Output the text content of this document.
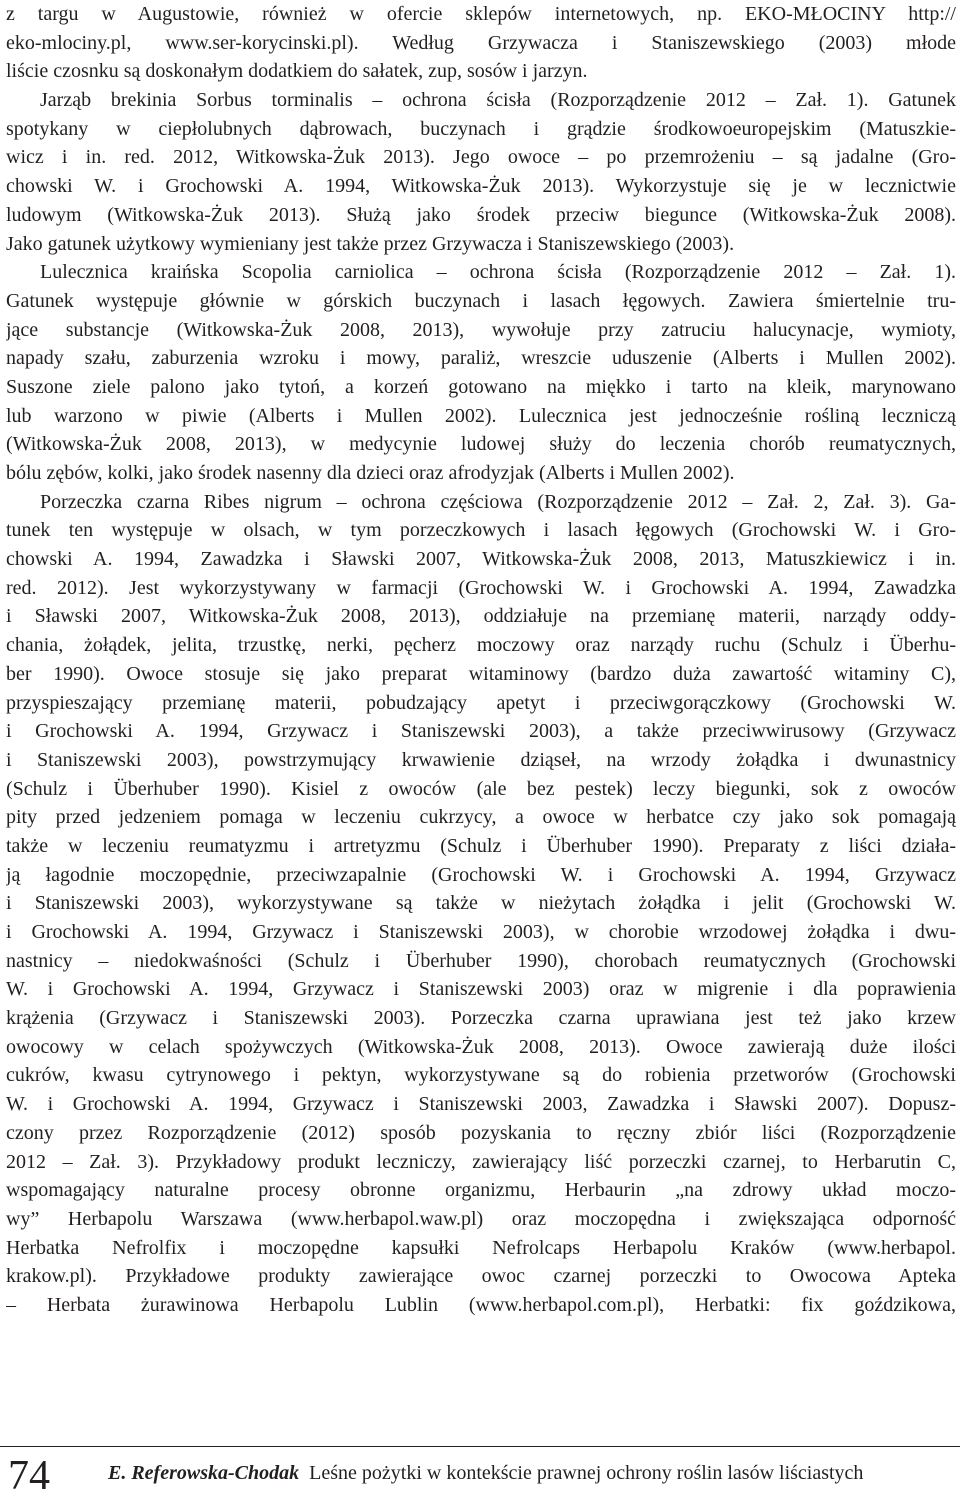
z targu w Augustowie, również w ofercie sklepów internetowych, np. EKO-MŁOCINY http://
eko-mlociny.pl, www.ser-korycinski.pl). Według Grzywacza i Staniszewskiego (2003) młode
liście czosnku są doskonałym dodatkiem do sałatek, zup, sosów i jarzyn.
Jarząb brekinia Sorbus torminalis – ochrona ścisła (Rozporządzenie 2012 – Zał. 1). Gatunek
spotykany w ciepłolubnych dąbrowach, buczynach i grądzie środkowoeuropejskim (Matuszkie-
wicz i in. red. 2012, Witkowska-Żuk 2013). Jego owoce – po przemrożeniu – są jadalne (Gro-
chowski W. i Grochowski A. 1994, Witkowska-Żuk 2013). Wykorzystuje się je w lecznictwie
ludowym (Witkowska-Żuk 2013). Służą jako środek przeciw biegunce (Witkowska-Żuk 2008).
Jako gatunek użytkowy wymieniany jest także przez Grzywacza i Staniszewskiego (2003).
Lulecznica kraińska Scopolia carniolica – ochrona ścisła (Rozporządzenie 2012 – Zał. 1).
Gatunek występuje głównie w górskich buczynach i lasach łęgowych. Zawiera śmiertelnie tru-
jące substancje (Witkowska-Żuk 2008, 2013), wywołuje przy zatruciu halucynacje, wymioty,
napady szału, zaburzenia wzroku i mowy, paraliż, wreszcie uduszenie (Alberts i Mullen 2002).
Suszone ziele palono jako tytoń, a korzeń gotowano na miękko i tarto na kleik, marynowano
lub warzono w piwie (Alberts i Mullen 2002). Lulecznica jest jednocześnie rośliną leczniczą
(Witkowska-Żuk 2008, 2013), w medycynie ludowej służy do leczenia chorób reumatycznych,
bólu zębów, kolki, jako środek nasenny dla dzieci oraz afrodyzjak (Alberts i Mullen 2002).
Porzeczka czarna Ribes nigrum – ochrona częściowa (Rozporządzenie 2012 – Zał. 2, Zał. 3). Ga-
tunek ten występuje w olsach, w tym porzeczkowych i lasach łęgowych (Grochowski W. i Gro-
chowski A. 1994, Zawadzka i Sławski 2007, Witkowska-Żuk 2008, 2013, Matuszkiewicz i in.
red. 2012). Jest wykorzystywany w farmacji (Grochowski W. i Grochowski A. 1994, Zawadzka
i Sławski 2007, Witkowska-Żuk 2008, 2013), oddziałuje na przemianę materii, narządy oddy-
chania, żołądek, jelita, trzustkę, nerki, pęcherz moczowy oraz narządy ruchu (Schulz i Überhu-
ber 1990). Owoce stosuje się jako preparat witaminowy (bardzo duża zawartość witaminy C),
przyspieszający przemianę materii, pobudzający apetyt i przeciwgorączkowy (Grochowski W.
i Grochowski A. 1994, Grzywacz i Staniszewski 2003), a także przeciwwirusowy (Grzywacz
i Staniszewski 2003), powstrzymujący krwawienie dziąseł, na wrzody żołądka i dwunastnicy
(Schulz i Überhuber 1990). Kisiel z owoców (ale bez pestek) leczy biegunki, sok z owoców
pity przed jedzeniem pomaga w leczeniu cukrzycy, a owoce w herbatce czy jako sok pomagają
także w leczeniu reumatyzmu i artretyzmu (Schulz i Überhuber 1990). Preparaty z liści działa-
ją łagodnie moczopędnie, przeciwzapalnie (Grochowski W. i Grochowski A. 1994, Grzywacz
i Staniszewski 2003), wykorzystywane są także w nieżytach żołądka i jelit (Grochowski W.
i Grochowski A. 1994, Grzywacz i Staniszewski 2003), w chorobie wrzodowej żołądka i dwu-
nastnicy – niedokwaśności (Schulz i Überhuber 1990), chorobach reumatycznych (Grochowski
W. i Grochowski A. 1994, Grzywacz i Staniszewski 2003) oraz w migrenie i dla poprawienia
krążenia (Grzywacz i Staniszewski 2003). Porzeczka czarna uprawiana jest też jako krzew
owocowy w celach spożywczych (Witkowska-Żuk 2008, 2013). Owoce zawierają duże ilości
cukrów, kwasu cytrynowego i pektyn, wykorzystywane są do robienia przetworów (Grochowski
W. i Grochowski A. 1994, Grzywacz i Staniszewski 2003, Zawadzka i Sławski 2007). Dopusz-
czony przez Rozporządzenie (2012) sposób pozyskania to ręczny zbiór liści (Rozporządzenie
2012 – Zał. 3). Przykładowy produkt leczniczy, zawierający liść porzeczki czarnej, to Herbarutin C,
wspomagający naturalne procesy obronne organizmu, Herbaurin „na zdrowy układ moczo-
wy” Herbapolu Warszawa (www.herbapol.waw.pl) oraz moczopędna i zwiększająca odporność
Herbatka Nefrolfix i moczopędne kapsułki Nefrolcaps Herbapolu Kraków (www.herbapol.
krakow.pl). Przykładowe produkty zawierające owoc czarnej porzeczki to Owocowa Apteka
– Herbata żurawinowa Herbapolu Lublin (www.herbapol.com.pl), Herbatki: fix goździkowa,
74	E. Referowska-Chodak Leśne pożytki w kontekście prawnej ochrony roślin lasów liściastych
